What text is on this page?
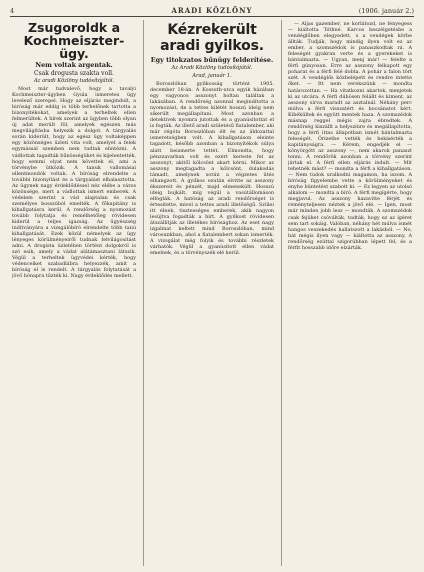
4	ARADI KÖZLÖNY	(1906. január 2.)
Zsugoroldk a Kochmeiszter-ügy.
Nem voltak argentak.
Csak drogusta szakta voll.
Az aradi Közlöny tudósítójától.

Most már tudvalevő, hogy a tavalyi Kochmeiszter-ügyben Gyula ismeretes ügy levelező szerepel. Hogy az eljárás megindult, a biróság már eddig is több terhelőnek tartotta a bizonyítékokat, amelyek a terheltek ellen felmerültek. A hírek szerint az ügyben több olyan új adat merült föl, amelyek egészen más megvilágításba helyezik a dolgot. A tárgyalás során kiderült, hogy az egész ügy voltaképpen egy közönséges üzleti vita volt, amelyet a felek egymással szemben nem tudtak elintézni. A vádlottak tagadták bűnösségüket és kijelentették, hogy semmi olyat nem követtek el, ami a törvénybe ütközik. A tanuk vallomásai ellentmondók voltak. A bíróság elrendelte a további bizonyítást és a tárgyalást elhalasztotta. Az ügynek nagy érdeklődéssel néz elébe a város közönsége, mert a vádlottak ismert emberek. A védelem szerint a vád alaptalan és csak személyes bosszúból emelték. A főkapitány is kihallgatásra kerül. A rendőrség a nyomozást tovább folytatja és remélhetőleg rövidesen kiderül a teljes igazság. Az ügyészség indítványára a vizsgálóbíró elrendelte több tanú kihallgatását. Ezek közül némelyek az ügy lényeges körülményeiről tudnak felvilágosítást adni. A drogista üzletében történt dolgokról is szó esik, amely a vádat alátámasztani látszik. Végül a terheltek ügyvédei kérték, hogy védenceiket szabadlábra helyezzék, amit a bíróság el is rendelt. A tárgyalás folytatását a jövő hónapra tűzték ki. Nagy érdeklődés mellett.

Kézrekerült aradi gyilkos.
Egy titokzatos bűnügy felderítése.
Az Aradi Közlöny tudósítójától.
Arad, január 1.

Boroszlóban gyilkosság történt 1905. december 18-án. A Kossuth-utca egyik házában egy vagyonos asszonyt holtan találtak a lakásában. A rendőrség azonnal megindította a nyomozást, de a tettes kilétét hosszú ideig nem sikerült megállapítani. Most azonban a detektívek nyomra jutottak és a gyanúsítottat el is fogták. Az illető aradi születésű fiatalember, aki már régóta Boroszlóban élt és az áldozattal ismeretségben volt. A kihallgatáson eleinte tagadott, később azonban a bizonyítékok súlya alatt beismerte tettét. Elmondta, hogy pénzzavarban volt és ezért kereste fel az asszonyt, akitől kölcsönt akart kérni. Mikor az asszony megtagadta a kölcsönt, dulakodás támadt, amelynek során a végzetes ütés elhangzott. A gyilkos ezután elvitte az asszony ékszereit és pénzét, majd elmenekült. Hosszú ideig bujkált, míg végül a vasútállomáson elfogták. A hatóság az aradi rendőrséget is értesítette, mivel a tettes aradi illetőségű. Szülei itt élnek, tisztességes emberek, akik nagyon lesújtva fogadták a hírt. A gyilkost rövidesen átszállítják az illetékes bírósághoz. Az eset nagy izgalmat keltett mind Boroszlóban, mind városunkban, ahol a fiatalembert sokan ismerték. A vizsgálat még folyik és további részletek várhatók. Végül a gyanúsított ellen vádat emelnek, és a törvényszék elé kerül.

— Aljas gazember, ne korlátozd, ne fenyegess — kiáltotta Tóthné. Karcos beszélgetésbe a vendéglőben elegyedett, s a vendégek körbe állták. Tudják, hogy mindig ilyen volt ez az ember, a szomszédok is panaszkodtak rá. A feleségét gyakran verte és a gyerekeket is bántalmazta. — Ugyan, menj már! — felelte a férfi gúnyosan. Erre az asszony felkapott egy poharat és a férfi felé dobta. A pohár a falon tört szét. A vendéglős közbelépett és rendre intette őket. — Itt nem verekszünk — mondta határozottan. — Ha vitatkozni akartok, menjetek ki az utcára. A férfi dühösen felállt és kiment, az asszony sírva maradt az asztalnál. Néhány perc múlva a férfi visszatért és bocsánatot kért. Kibékültek és együtt mentek haza. A szomszédok másnap reggel mégis zajra ébredtek. A rendőrség kiszállt a helyszínre és megállapította, hogy a férfi ittas állapotban ismét bántalmazta feleségét. Őrizetbe vették és bekísérték a kapitányságra. — Kérem, engedjék el — könyörgött az asszony —, nem akarok panaszt tenni. A rendőrök azonban a törvény szerint jártak el. A férfi ellen eljárás indult. — Mit tehetnék mást? — mondta a férfi a kihallgatáson. — Nem tudok uralkodni magamon, ha iszom. A bíróság figyelembe vette a körülményeket és enyhe büntetést szabott ki. — Ez legyen az utolsó alkalom — mondta a bíró. A férfi megígérte, hogy megjavul. Az asszony hazavitte férjét és reményteljesen néztek a jövő elé. — Igen, most már minden jobb lesz — mondták. A szomszédok csak fejüket csóválták, tudták, hogy ez az ígéret sem tart sokáig. Valóban, néhány hét múlva ismét hangos veszekedés hallatszott a lakásból. — No, hát mégis ilyen vagy — kiáltotta az asszony. A rendőrség ezúttal szigorúbban lépett fel, és a férfit hosszabb időre elzárták.
